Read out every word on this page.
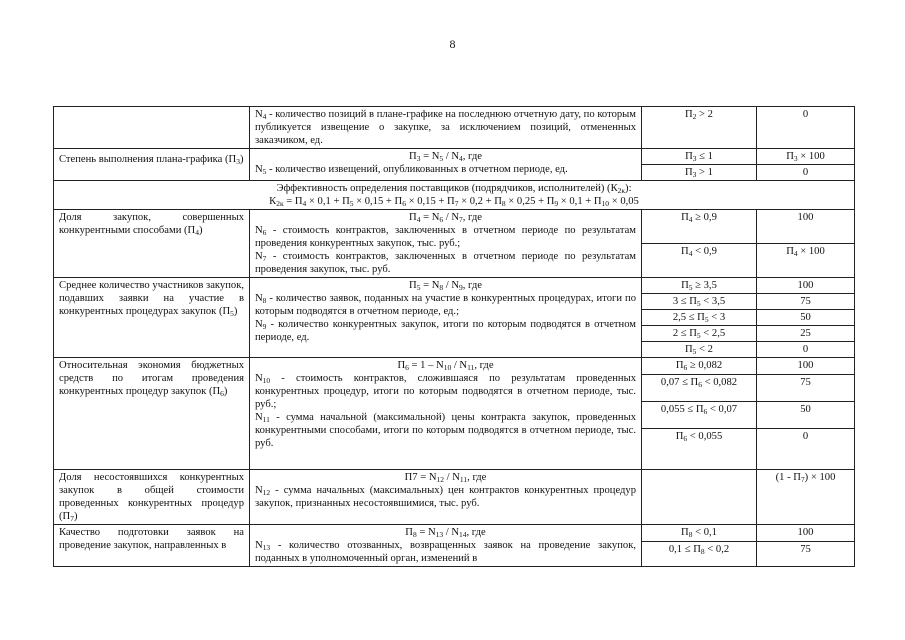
8
	$N_4$ - количество позиций в плане-графике на последнюю отчетную дату, по которым публикуется извещение о закупке, за исключением позиций, отмененных заказчиком, ед.	$П_2 > 2$	0

Степень выполнения плана-графика $(П_3)$	$П_3 = N_5 / N_4$, где
$N_5$ - количество извещений, опубликованных в отчетном периоде, ед.	$П_3 \le 1$	$П_3 \times 100$
		$П_3 > 1$	0

Эффективность определения поставщиков (подрядчиков, исполнителей) $(К_{2к})$:
$К_{2к} = П_4 \times 0,1 + П_5 \times 0,15 + П_6 \times 0,15 + П_7 \times 0,2 + П_8 \times 0,25 + П_9 \times 0,1 + П_{10} \times 0,05$			

Доля закупок, совершенных конкурентными способами $(П_4)$	$П_4 = N_6 / N_7$, где
$N_6$ - стоимость контрактов, заключенных в отчетном периоде по результатам проведения конкурентных закупок, тыс. руб.;
$N_7$ - стоимость контрактов, заключенных в отчетном периоде по результатам проведения закупок, тыс. руб.	$П_4 \ge 0,9$	100
		$П_4 < 0,9$	$П_4 \times 100$
Среднее количество участников закупок, подавших заявки на участие в конкурентных процедурах закупок $(П_5)$	$П_5 = N_8 / N_9$, где
$N_8$ - количество заявок, поданных на участие в конкурентных процедурах, итоги по которым подводятся в отчетном периоде, ед.;
$N_9$ - количество конкурентных закупок, итоги по которым подводятся в отчетном периоде, ед.	$П_5 \ge 3,5$	100
		$3 \le П_5 < 3,5$	75
		$2,5 \le П_5 < 3$	50
		$2 \le П_5 < 2,5$	25
		$П_5 < 2$	0
Относительная экономия бюджетных средств по итогам проведения конкурентных процедур закупок $(П_6)$	$П_6 = 1 - N_{10} / N_{11}$, где
$N_{10}$ - стоимость контрактов, сложившаяся по результатам проведенных конкурентных процедур, итоги по которым подводятся в отчетном периоде, тыс. руб.;
$N_{11}$ - сумма начальной (максимальной) цены контракта закупок, проведенных конкурентными способами, итоги по которым подводятся в отчетном периоде, тыс. руб.	$П_6 \ge 0,082$	100
		$0,07 \le П_6 < 0,082$	75
		$0,055 \le П_6 < 0,07$	50
		$П_6 < 0,055$	0
Доля несостоявшихся конкурентных закупок в общей стоимости проведенных конкурентных процедур $(П_7)$	$П7 = N_{12} / N_{11}$, где
$N_{12}$ - сумма начальных (максимальных) цен контрактов конкурентных процедур закупок, признанных несостоявшимися, тыс. руб.		$(1 - П_7) \times 100$
Качество подготовки заявок на проведение закупок, направленных в	$П_8 = N_{13} / N_{14}$, где
$N_{13}$ - количество отозванных, возвращенных заявок на проведение закупок, поданных в уполномоченный орган, изменений в	$П_8 < 0,1$	100
		$0,1 \le П_8 < 0,2$	75
